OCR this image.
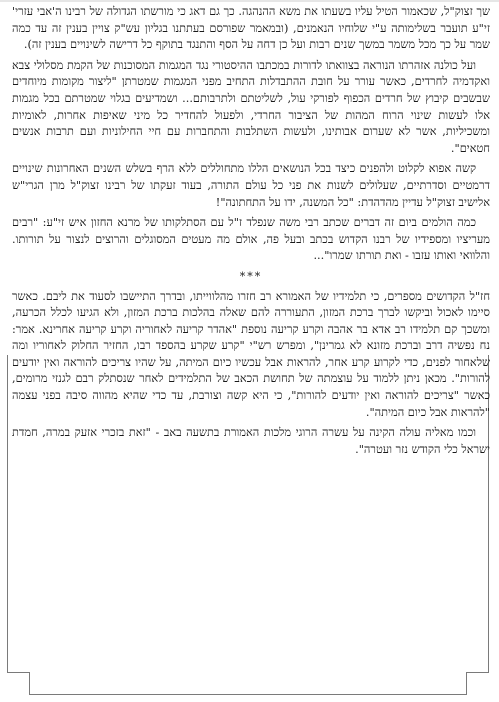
שך זצוק"ל, שכאמור הטיל עליו בשעתו את משא ההנהגה. כך גם דאג כי מורשתו הגדולה של רבינו ה'אבי עזרי' זי"ע תועבר בשלימותה ע"י שלוחיו הנאמנים, (ובמאמר שפורסם בעתתנו בגליון עש"ק צויין בענין זה עד כמה שמר על כך מכל משמר במשך שנים רבות ועל כן דחה על הסף והתנגד בתוקף כל דרישה לשינויים בענין זה).

ועל כולנה אזהרתו הנוראה בצוואתו לדורות במכתבו ההיסטורי נגד המגמות המסוכנות של הקמת מסלולי צבא ואקדמיה לחרדים, כאשר עורר על חובת ההתבדלות התחיב מפני המגמות שמטרתן "ליצור מקומות מיוחדים שבשבים קיבוץ של חרדים הכפוף לפורקי עול, לשליטתם ולתרבותם... ושמדיעים בגלוי שמטרתם בכל מגמות אלו לעשות שינוי הרוח המהות של הציבור החרדי, ולפעול להחדיר כל מיני שאיפות אחרות, לאומיות ומשכיליות, אשר לא שערום אבותינו, ולעשות השתלבות והתחברות עם חיי החילוניות ועם תרבות אנשים חטאים".

קשה אפוא לקלוט ולהפנים כיצד בכל הנושאים הללו מתחוללים ללא הרף בשלש השנים האחרונות שינויים דרמטיים וסדרתיים, שעלולים לשנות את פני כל עולם התורה, בעוד זעקתו של רבינו זצוק"ל מרן הגרי"ש אלישיב זצוק"ל עדיין מהדהדת: "כל המשנה, ידו על התחתונה"!

כמה הולמים ביום זה דברים שכתב רבי משה שנפלד ז"ל עם הסתלקותו של מרנא החזון איש זי"ע: "רבים מעריציו ומספידיו של רבנו הקדוש בכתב ובעל פה, אולם מה מעטים המסוגלים והרוצים לנצור על תורותו. והלוואי ואותו עזבו - ואת תורתו שמרו"...

***

חז"ל הקדושים מספרים, כי תלמידיו של האמורא רב חזרו מהלווייתו, ובדרך התיישבו לסעוד את ליבם. כאשר סיימו לאכול וביקשו לברך ברכת המזון, התעוררה להם שאלה בהלכות ברכת המזון, ולא הגיעו לכלל הכרעה, ומשכך קם תלמידו רב אדא בר אהבה וקרע קריעה נוספת "אהדר קריעה לאחוריה וקרע קריעה אחרינא. אמר: נח נפשיה דרב וברכת מזונא לא גמרינן", ומפרש רש"י "קרע שקרע בהספד רבו, החזיר החלוק לאחוריו ומה שלאחור לפנים, כדי לקרוע קרע אחר, להראות אבל עכשיו כיום המיתה, על שהיו צריכים להוראה ואין יודעים להורות". מכאן ניתן ללמוד על עוצמתה של תחושת הכאב של התלמידים לאחר שנסתלק רבם לגנזי מרומים, כאשר "צריכים להוראה ואין יודעים להורות", כי היא קשה וצורבת, עד כדי שהיא מהווה סיבה בפני עצמה "להראות אבל כיום המיתה".

וכמו מאליה עולה הקינה על עשרה הרוגי מלכות האמורת בתשעה באב - "זאת בזכרי אזעק במרה, חמדת ישראל כלי הקודש נזר ועטרה".
